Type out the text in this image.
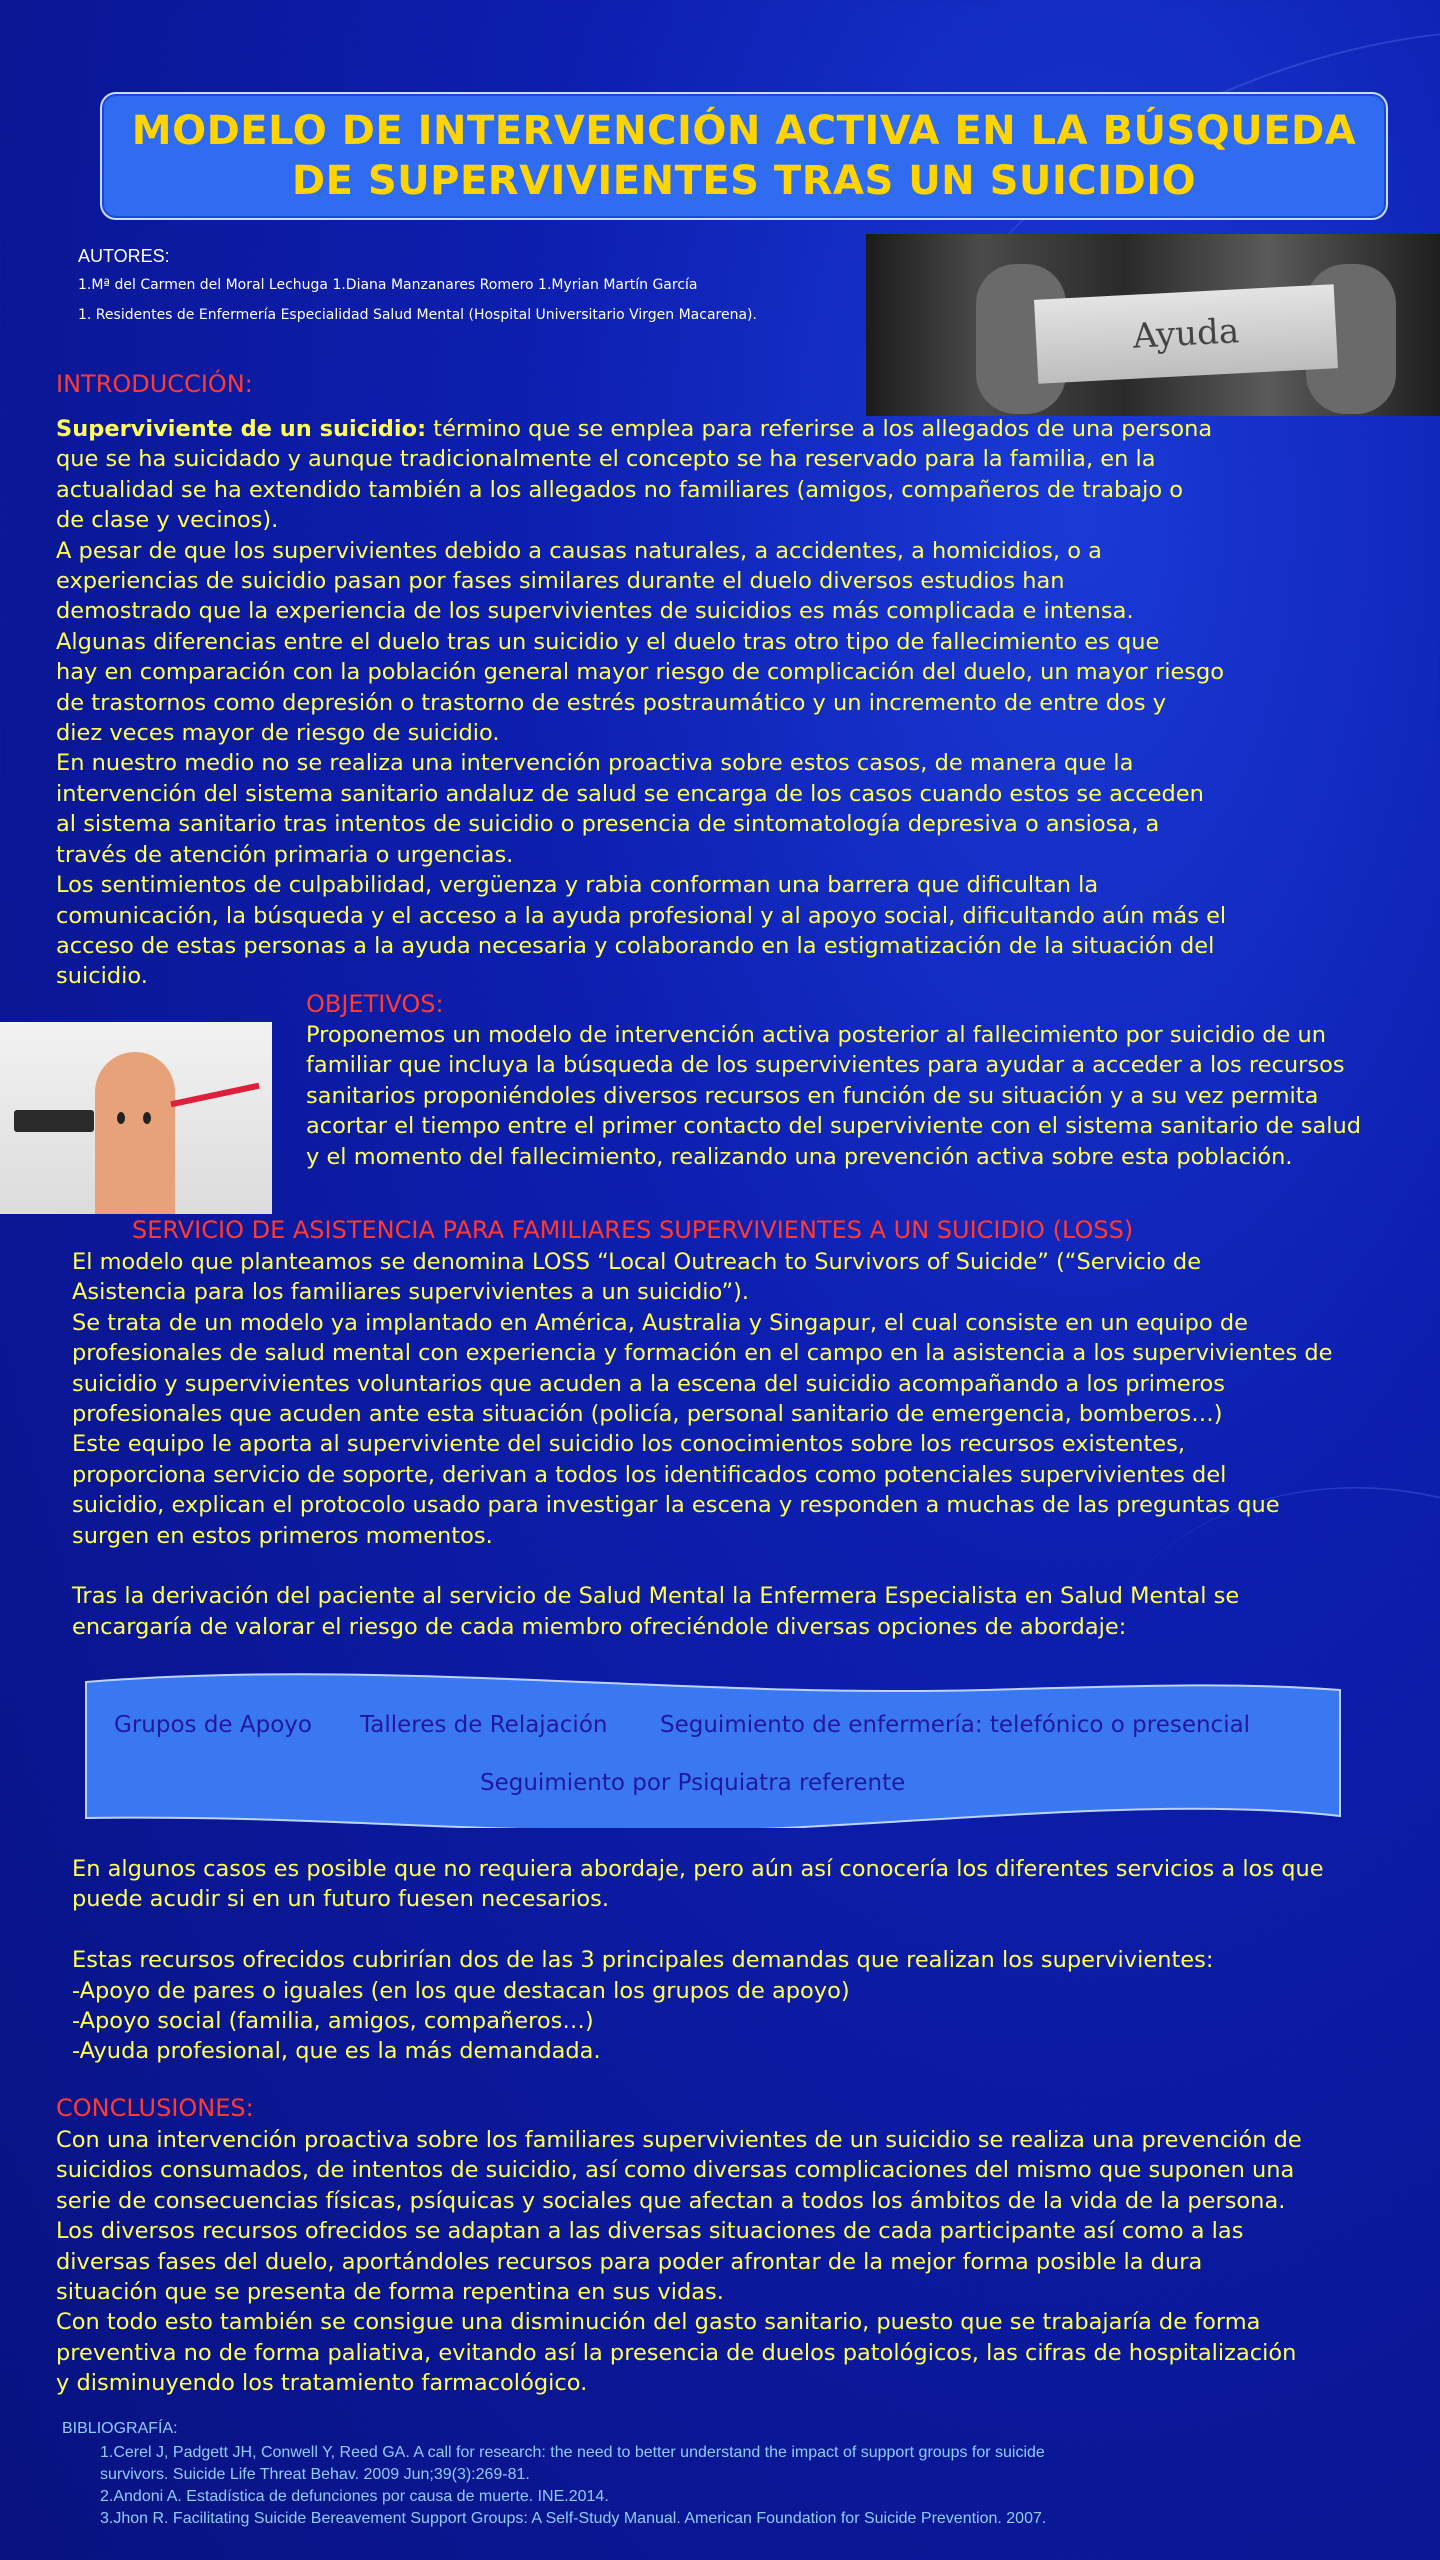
MODELO DE INTERVENCIÓN ACTIVA EN LA BÚSQUEDA
DE SUPERVIVIENTES TRAS UN SUICIDIO
AUTORES:
1.Mª del Carmen del Moral Lechuga 1.Diana Manzanares Romero 1.Myrian Martín García
1. Residentes de Enfermería Especialidad Salud Mental (Hospital Universitario Virgen Macarena).	Ayuda
INTRODUCCIÓN:

Superviviente de un suicidio: término que se emplea para referirse a los allegados de una persona

que se ha suicidado y aunque tradicionalmente el concepto se ha reservado para la familia, en la

actualidad se ha extendido también a los allegados no familiares (amigos, compañeros de trabajo o

de clase y vecinos).

A pesar de que los supervivientes debido a causas naturales, a accidentes, a homicidios, o a

experiencias de suicidio pasan por fases similares durante el duelo diversos estudios han

demostrado que la experiencia de los supervivientes de suicidios es más complicada e intensa.

Algunas diferencias entre el duelo tras un suicidio y el duelo tras otro tipo de fallecimiento es que

hay en comparación con la población general mayor riesgo de complicación del duelo, un mayor riesgo

de trastornos como depresión o trastorno de estrés postraumático y un incremento de entre dos y

diez veces mayor de riesgo de suicidio.

En nuestro medio no se realiza una intervención proactiva sobre estos casos, de manera que la

intervención del sistema sanitario andaluz de salud se encarga de los casos cuando estos se acceden

al sistema sanitario tras intentos de suicidio o presencia de sintomatología depresiva o ansiosa, a

través de atención primaria o urgencias.

Los sentimientos de culpabilidad, vergüenza y rabia conforman una barrera que dificultan la

comunicación, la búsqueda y el acceso a la ayuda profesional y al apoyo social, dificultando aún más el

acceso de estas personas a la ayuda necesaria y colaborando en la estigmatización de la situación del

suicidio.

OBJETIVOS:

Proponemos un modelo de intervención activa posterior al fallecimiento por suicidio de un

familiar que incluya la búsqueda de los supervivientes para ayudar a acceder a los recursos

sanitarios proponiéndoles diversos recursos en función de su situación y a su vez permita

acortar el tiempo entre el primer contacto del superviviente con el sistema sanitario de salud

y el momento del fallecimiento, realizando una prevención activa sobre esta población.

SERVICIO DE ASISTENCIA PARA FAMILIARES SUPERVIVIENTES A UN SUICIDIO (LOSS)

El modelo que planteamos se denomina LOSS “Local Outreach to Survivors of Suicide” (“Servicio de

Asistencia para los familiares supervivientes a un suicidio”).

Se trata de un modelo ya implantado en América, Australia y Singapur, el cual consiste en un equipo de

profesionales de salud mental con experiencia y formación en el campo en la asistencia a los supervivientes de

suicidio y supervivientes voluntarios que acuden a la escena del suicidio acompañando a los primeros

profesionales que acuden ante esta situación (policía, personal sanitario de emergencia, bomberos…)

Este equipo le aporta al superviviente del suicidio los conocimientos sobre los recursos existentes,

proporciona servicio de soporte, derivan a todos los identificados como potenciales supervivientes del

suicidio, explican el protocolo usado para investigar la escena y responden a muchas de las preguntas que

surgen en estos primeros momentos.

Tras la derivación del paciente al servicio de Salud Mental la Enfermera Especialista en Salud Mental se

encargaría de valorar el riesgo de cada miembro ofreciéndole diversas opciones de abordaje:

Grupos de Apoyo Talleres de Relajación Seguimiento de enfermería: telefónico o presencial
Seguimiento por Psiquiatra referente

En algunos casos es posible que no requiera abordaje, pero aún así conocería los diferentes servicios a los que

puede acudir si en un futuro fuesen necesarios.

Estas recursos ofrecidos cubrirían dos de las 3 principales demandas que realizan los supervivientes:

-Apoyo de pares o iguales (en los que destacan los grupos de apoyo)

-Apoyo social (familia, amigos, compañeros…)

-Ayuda profesional, que es la más demandada.

CONCLUSIONES:

Con una intervención proactiva sobre los familiares supervivientes de un suicidio se realiza una prevención de

suicidios consumados, de intentos de suicidio, así como diversas complicaciones del mismo que suponen una

serie de consecuencias físicas, psíquicas y sociales que afectan a todos los ámbitos de la vida de la persona.

Los diversos recursos ofrecidos se adaptan a las diversas situaciones de cada participante así como a las

diversas fases del duelo, aportándoles recursos para poder afrontar de la mejor forma posible la dura

situación que se presenta de forma repentina en sus vidas.

Con todo esto también se consigue una disminución del gasto sanitario, puesto que se trabajaría de forma

preventiva no de forma paliativa, evitando así la presencia de duelos patológicos, las cifras de hospitalización

y disminuyendo los tratamiento farmacológico.

BIBLIOGRAFÍA:
1.Cerel J, Padgett JH, Conwell Y, Reed GA. A call for research: the need to better understand the impact of support groups for suicide
survivors. Suicide Life Threat Behav. 2009 Jun;39(3):269-81.
2.Andoni A. Estadística de defunciones por causa de muerte. INE.2014.
3.Jhon R. Facilitating Suicide Bereavement Support Groups: A Self-Study Manual. American Foundation for Suicide Prevention. 2007.
